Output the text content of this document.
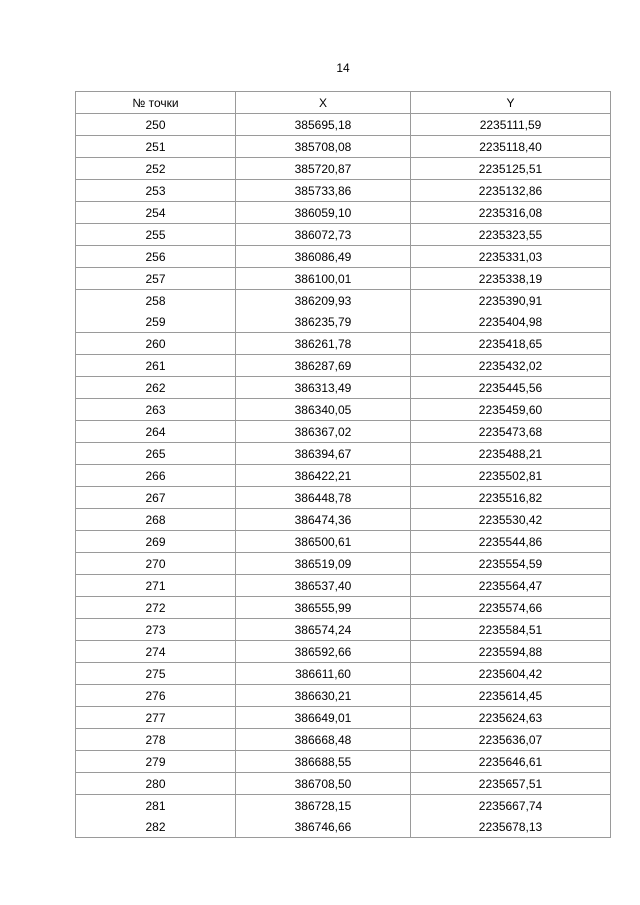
14
№ точки	X	Y
250	385695,18	2235111,59
251	385708,08	2235118,40
252	385720,87	2235125,51
253	385733,86	2235132,86
254	386059,10	2235316,08
255	386072,73	2235323,55
256	386086,49	2235331,03
257	386100,01	2235338,19
258	386209,93	2235390,91
259	386235,79	2235404,98
260	386261,78	2235418,65
261	386287,69	2235432,02
262	386313,49	2235445,56
263	386340,05	2235459,60
264	386367,02	2235473,68
265	386394,67	2235488,21
266	386422,21	2235502,81
267	386448,78	2235516,82
268	386474,36	2235530,42
269	386500,61	2235544,86
270	386519,09	2235554,59
271	386537,40	2235564,47
272	386555,99	2235574,66
273	386574,24	2235584,51
274	386592,66	2235594,88
275	386611,60	2235604,42
276	386630,21	2235614,45
277	386649,01	2235624,63
278	386668,48	2235636,07
279	386688,55	2235646,61
280	386708,50	2235657,51
281	386728,15	2235667,74
282	386746,66	2235678,13
